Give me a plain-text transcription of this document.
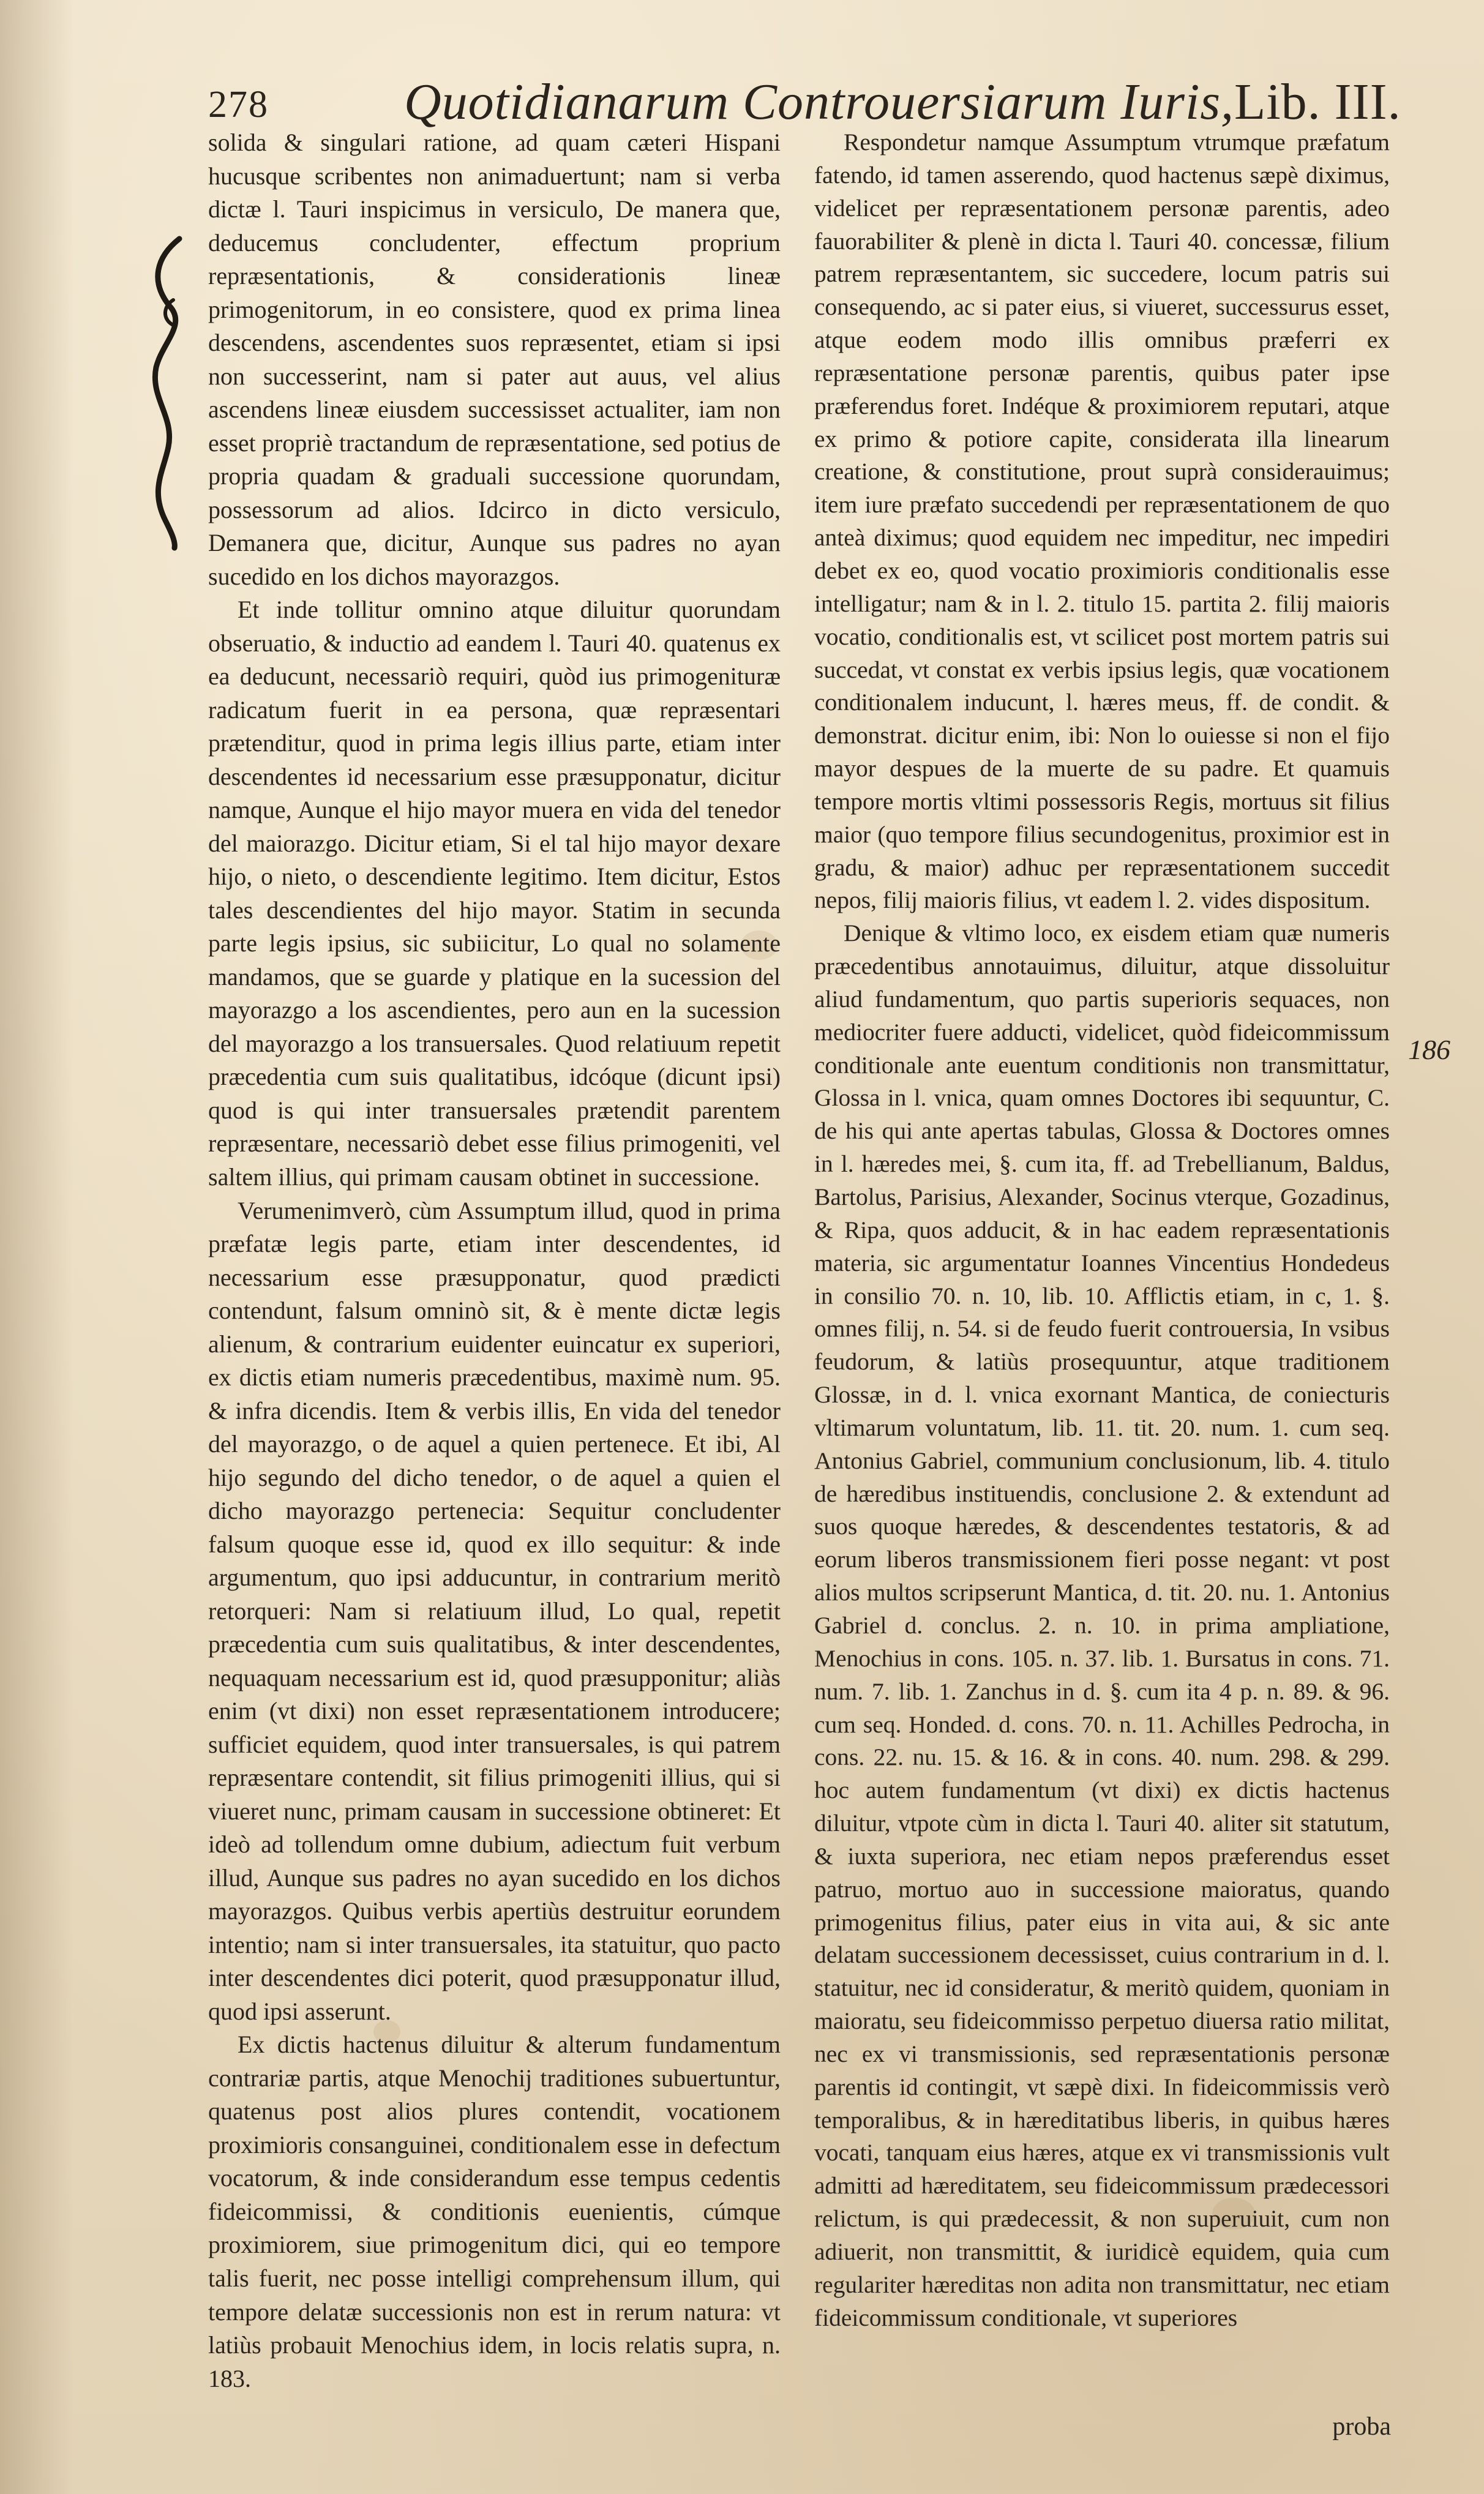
278	Quotidianarum Controuersiarum Iuris,Lib. III.

solida & singulari ratione, ad quam cæteri Hispani hucusque scribentes non animaduertunt; nam si verba dictæ l. Tauri inspicimus in versiculo, De manera que, deducemus concludenter, effectum proprium repræsentationis, & considerationis lineæ primogenitorum, in eo consistere, quod ex prima linea descendens, ascendentes suos repræsentet, etiam si ipsi non successerint, nam si pater aut auus, vel alius ascendens lineæ eiusdem successisset actualiter, iam non esset propriè tractandum de repræsentatione, sed potius de propria quadam & graduali successione quorundam, possessorum ad alios. Idcirco in dicto versiculo, Demanera que, dicitur, Aunque sus padres no ayan sucedido en los dichos mayorazgos.

Et inde tollitur omnino atque diluitur quorundam obseruatio, & inductio ad eandem l. Tauri 40. quatenus ex ea deducunt, necessariò requiri, quòd ius primogenituræ radicatum fuerit in ea persona, quæ repræsentari prætenditur, quod in prima legis illius parte, etiam inter descendentes id necessarium esse præsupponatur, dicitur namque, Aunque el hijo mayor muera en vida del tenedor del maiorazgo. Dicitur etiam, Si el tal hijo mayor dexare hijo, o nieto, o descendiente legitimo. Item dicitur, Estos tales descendientes del hijo mayor. Statim in secunda parte legis ipsius, sic subiicitur, Lo qual no solamente mandamos, que se guarde y platique en la sucession del mayorazgo a los ascendientes, pero aun en la sucession del mayorazgo a los transuersales. Quod relatiuum repetit præcedentia cum suis qualitatibus, idcóque (dicunt ipsi) quod is qui inter transuersales prætendit parentem repræsentare, necessariò debet esse filius primogeniti, vel saltem illius, qui primam causam obtinet in successione.

Verumenimverò, cùm Assumptum illud, quod in prima præfatæ legis parte, etiam inter descendentes, id necessarium esse præsupponatur, quod prædicti contendunt, falsum omninò sit, & è mente dictæ legis alienum, & contrarium euidenter euincatur ex superiori, ex dictis etiam numeris præcedentibus, maximè num. 95. & infra dicendis. Item & verbis illis, En vida del tenedor del mayorazgo, o de aquel a quien pertenece. Et ibi, Al hijo segundo del dicho tenedor, o de aquel a quien el dicho mayorazgo pertenecia: Sequitur concludenter falsum quoque esse id, quod ex illo sequitur: & inde argumentum, quo ipsi adducuntur, in contrarium meritò retorqueri: Nam si relatiuum illud, Lo qual, repetit præcedentia cum suis qualitatibus, & inter descendentes, nequaquam necessarium est id, quod præsupponitur; aliàs enim (vt dixi) non esset repræsentationem introducere; sufficiet equidem, quod inter transuersales, is qui patrem repræsentare contendit, sit filius primogeniti illius, qui si viueret nunc, primam causam in successione obtineret: Et ideò ad tollendum omne dubium, adiectum fuit verbum illud, Aunque sus padres no ayan sucedido en los dichos mayorazgos. Quibus verbis apertiùs destruitur eorundem intentio; nam si inter transuersales, ita statuitur, quo pacto inter descendentes dici poterit, quod præsupponatur illud, quod ipsi asserunt.

Ex dictis hactenus diluitur & alterum fundamentum contrariæ partis, atque Menochij traditiones subuertuntur, quatenus post alios plures contendit, vocationem proximioris consanguinei, conditionalem esse in defectum vocatorum, & inde considerandum esse tempus cedentis fideicommissi, & conditionis euenientis, cúmque proximiorem, siue primogenitum dici, qui eo tempore talis fuerit, nec posse intelligi comprehensum illum, qui tempore delatæ successionis non est in rerum natura: vt latiùs probauit Menochius idem, in locis relatis supra, n. 183.

Respondetur namque Assumptum vtrumque præfatum fatendo, id tamen asserendo, quod hactenus sæpè diximus, videlicet per repræsentationem personæ parentis, adeo fauorabiliter & plenè in dicta l. Tauri 40. concessæ, filium patrem repræsentantem, sic succedere, locum patris sui consequendo, ac si pater eius, si viueret, successurus esset, atque eodem modo illis omnibus præferri ex repræsentatione personæ parentis, quibus pater ipse præferendus foret. Indéque & proximiorem reputari, atque ex primo & potiore capite, considerata illa linearum creatione, & constitutione, prout suprà considerauimus; item iure præfato succedendi per repræsentationem de quo anteà diximus; quod equidem nec impeditur, nec impediri debet ex eo, quod vocatio proximioris conditionalis esse intelligatur; nam & in l. 2. titulo 15. partita 2. filij maioris vocatio, conditionalis est, vt scilicet post mortem patris sui succedat, vt constat ex verbis ipsius legis, quæ vocationem conditionalem inducunt, l. hæres meus, ff. de condit. & demonstrat. dicitur enim, ibi: Non lo ouiesse si non el fijo mayor despues de la muerte de su padre. Et quamuis tempore mortis vltimi possessoris Regis, mortuus sit filius maior (quo tempore filius secundogenitus, proximior est in gradu, & maior) adhuc per repræsentationem succedit nepos, filij maioris filius, vt eadem l. 2. vides dispositum.

Denique & vltimo loco, ex eisdem etiam quæ numeris præcedentibus annotauimus, diluitur, atque dissoluitur aliud fundamentum, quo partis superioris sequaces, non mediocriter fuere adducti, videlicet, quòd fideicommissum conditionale ante euentum conditionis non transmittatur, Glossa in l. vnica, quam omnes Doctores ibi sequuntur, C. de his qui ante apertas tabulas, Glossa & Doctores omnes in l. hæredes mei, §. cum ita, ff. ad Trebellianum, Baldus, Bartolus, Parisius, Alexander, Socinus vterque, Gozadinus, & Ripa, quos adducit, & in hac eadem repræsentationis materia, sic argumentatur Ioannes Vincentius Hondedeus in consilio 70. n. 10, lib. 10. Afflictis etiam, in c, 1. §. omnes filij, n. 54. si de feudo fuerit controuersia, In vsibus feudorum, & latiùs prosequuntur, atque traditionem Glossæ, in d. l. vnica exornant Mantica, de coniecturis vltimarum voluntatum, lib. 11. tit. 20. num. 1. cum seq. Antonius Gabriel, communium conclusionum, lib. 4. titulo de hæredibus instituendis, conclusione 2. & extendunt ad suos quoque hæredes, & descendentes testatoris, & ad eorum liberos transmissionem fieri posse negant: vt post alios multos scripserunt Mantica, d. tit. 20. nu. 1. Antonius Gabriel d. conclus. 2. n. 10. in prima ampliatione, Menochius in cons. 105. n. 37. lib. 1. Bursatus in cons. 71. num. 7. lib. 1. Zanchus in d. §. cum ita 4 p. n. 89. & 96. cum seq. Honded. d. cons. 70. n. 11. Achilles Pedrocha, in cons. 22. nu. 15. & 16. & in cons. 40. num. 298. & 299. hoc autem fundamentum (vt dixi) ex dictis hactenus diluitur, vtpote cùm in dicta l. Tauri 40. aliter sit statutum, & iuxta superiora, nec etiam nepos præferendus esset patruo, mortuo auo in successione maioratus, quando primogenitus filius, pater eius in vita aui, & sic ante delatam successionem decessisset, cuius contrarium in d. l. statuitur, nec id consideratur, & meritò quidem, quoniam in maioratu, seu fideicommisso perpetuo diuersa ratio militat, nec ex vi transmissionis, sed repræsentationis personæ parentis id contingit, vt sæpè dixi. In fideicommissis verò temporalibus, & in hæreditatibus liberis, in quibus hæres vocati, tanquam eius hæres, atque ex vi transmissionis vult admitti ad hæreditatem, seu fideicommissum prædecessori relictum, is qui prædecessit, & non superuiuit, cum non adiuerit, non transmittit, & iuridicè equidem, quia cum regulariter hæreditas non adita non transmittatur, nec etiam fideicommissum conditionale, vt superiores

186
proba
